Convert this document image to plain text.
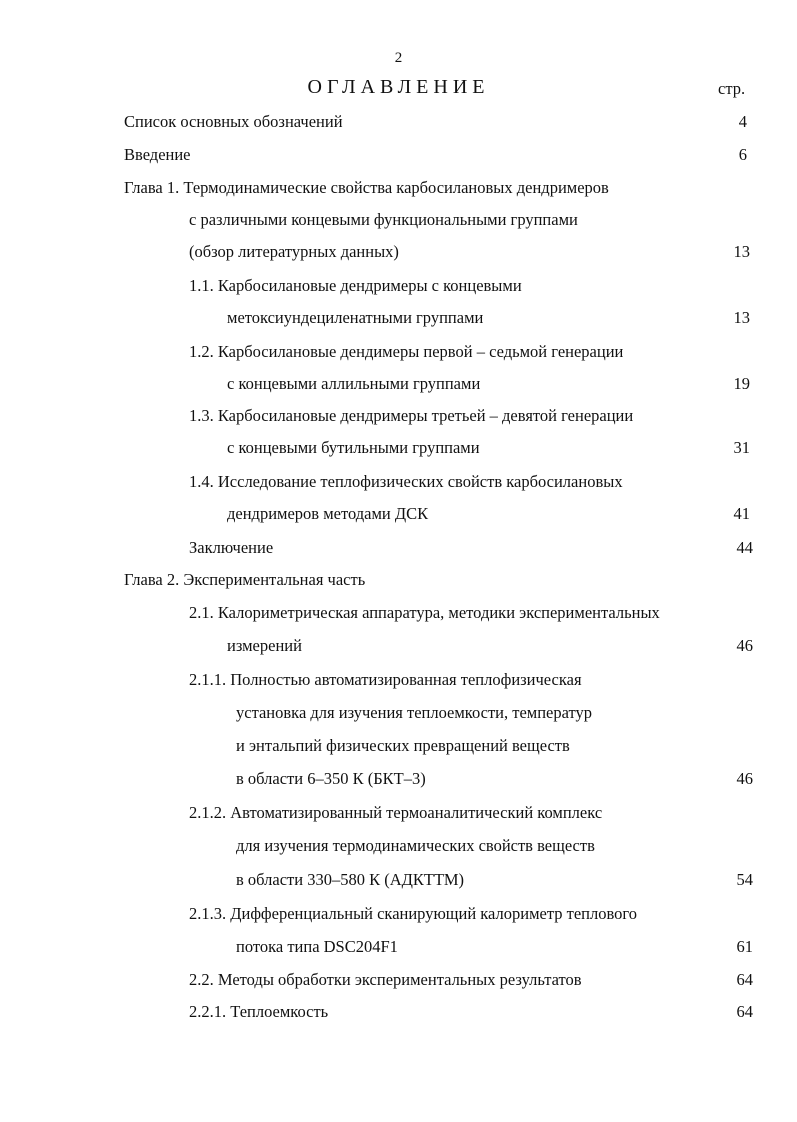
2
ОГЛАВЛЕНИЕ	стр.
Список основных обозначений	4
Введение	6
Глава 1. Термодинамические свойства карбосилановых дендримеров
с различными концевыми функциональными группами
(обзор литературных данных)	13
1.1. Карбосилановые дендримеры с концевыми
метоксиундециленатными группами	13
1.2. Карбосилановые дендимеры первой – седьмой генерации
с концевыми аллильными группами	19
1.3. Карбосилановые дендримеры третьей – девятой генерации
с концевыми бутильными группами	31
1.4. Исследование теплофизических свойств карбосилановых
дендримеров методами ДСК	41
Заключение	44
Глава 2. Экспериментальная часть
2.1. Калориметрическая аппаратура, методики экспериментальных
измерений	46
2.1.1. Полностью автоматизированная теплофизическая
установка для изучения теплоемкости, температур
и энтальпий физических превращений веществ
в области 6–350 К (БКТ–3)	46
2.1.2. Автоматизированный термоаналитический комплекс
для изучения термодинамических свойств веществ
в области 330–580 К (АДКТТМ)	54
2.1.3. Дифференциальный сканирующий калориметр теплового
потока типа DSC204F1	61
2.2. Методы обработки экспериментальных результатов	64
2.2.1. Теплоемкость	64
